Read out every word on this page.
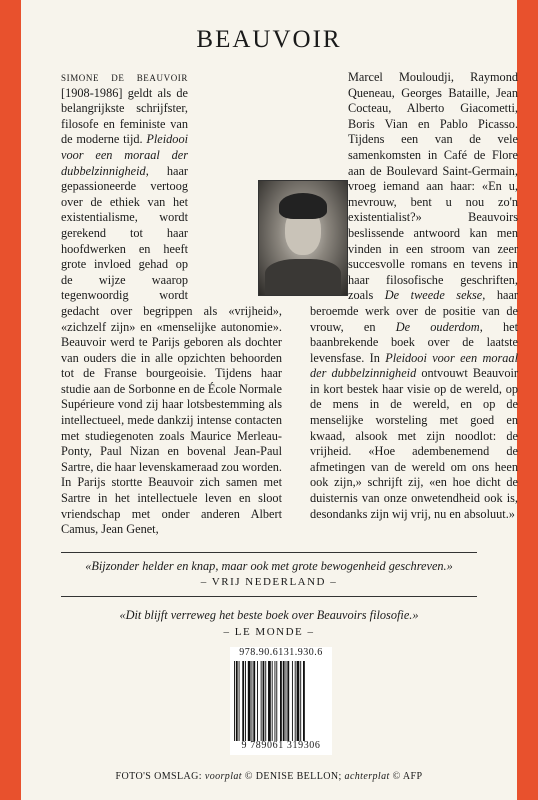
BEAUVOIR

simone de beauvoir [1908-1986] geldt als de belangrijkste schrijfster, filosofe en feministe van de moderne tijd. Pleidooi voor een moraal der dubbelzinnigheid, haar gepassioneerde vertoog over de ethiek van het existentialisme, wordt gerekend tot haar hoofdwerken en heeft grote invloed gehad op de wijze waarop tegenwoordig wordt gedacht over begrippen als «vrijheid», «zichzelf zijn» en «menselijke autonomie». Beauvoir werd te Parijs geboren als dochter van ouders die in alle opzichten behoorden tot de Franse bourgeoisie. Tijdens haar studie aan de Sorbonne en de École Normale Supérieure vond zij haar lotsbestemming als intellectueel, mede dankzij intense contacten met studiegenoten zoals Maurice Merleau-Ponty, Paul Nizan en bovenal Jean-Paul Sartre, die haar levenskameraad zou worden. In Parijs stortte Beauvoir zich samen met Sartre in het intellectuele leven en sloot vriendschap met onder anderen Albert Camus, Jean Genet,

Marcel Mouloudji, Raymond Queneau, Georges Bataille, Jean Cocteau, Alberto Giacometti, Boris Vian en Pablo Picasso. Tijdens een van de vele samenkomsten in Café de Flore aan de Boulevard Saint-Germain, vroeg iemand aan haar: «En u, mevrouw, bent u nou zo'n existentialist?» Beauvoirs beslissende antwoord kan men vinden in een stroom van zeer succesvolle romans en tevens in haar filosofische geschriften, zoals De tweede sekse, haar beroemde werk over de positie van de vrouw, en De ouderdom, het baanbrekende boek over de laatste levensfase. In Pleidooi voor een moraal der dubbelzinnigheid ontvouwt Beauvoir in kort bestek haar visie op de wereld, op de mens in de wereld, en op de menselijke worsteling met goed en kwaad, alsook met zijn noodlot: de vrijheid. «Hoe adembenemend de afmetingen van de wereld om ons heen ook zijn,» schrijft zij, «en hoe dicht de duisternis van onze onwetendheid ook is, desondanks zijn wij vrij, nu en absoluut.»

«Bijzonder helder en knap, maar ook met grote bewogenheid geschreven.»
– VRIJ NEDERLAND –
«Dit blijft verreweg het beste boek over Beauvoirs filosofie.»
– LE MONDE –
978.90.6131.930.6
9 789061 319306
FOTO'S OMSLAG: voorplat © DENISE BELLON; achterplat © AFP
